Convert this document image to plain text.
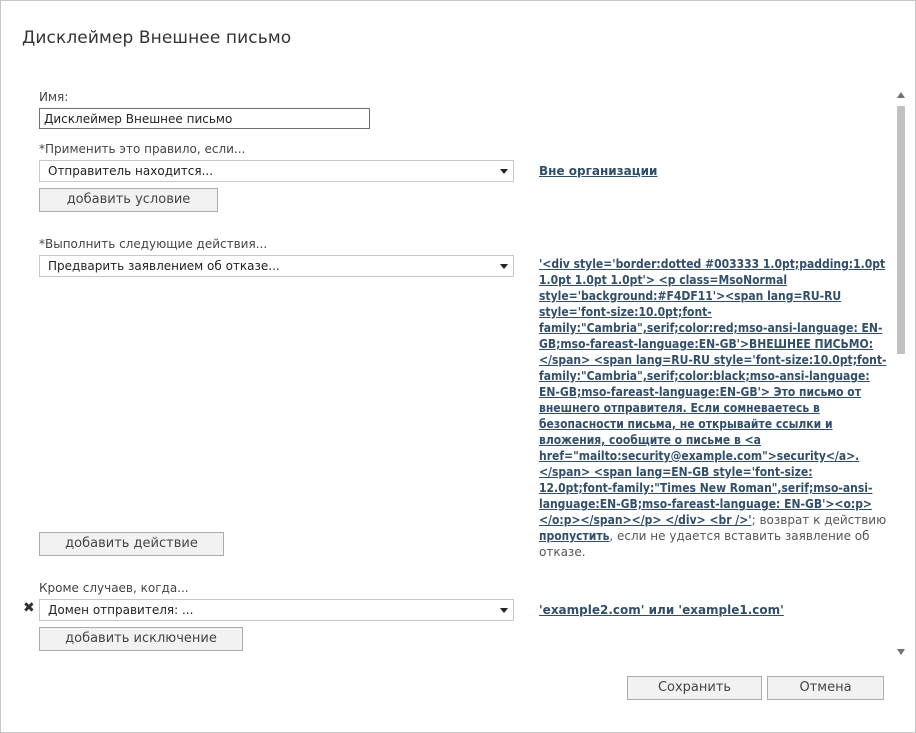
Дисклеймер Внешнее письмо
Имя:
Дисклеймер Внешнее письмо
*Применить это правило, если...
Отправитель находится...	Вне организации
добавить условие
*Выполнить следующие действия...
Предварить заявлением об отказе...	'<div style='border:dotted #003333 1.0pt;padding:1.0pt 1.0pt 1.0pt 1.0pt'> <p class=MsoNormal style='background:#F4DF11'><span lang=RU-RU style='font-size:10.0pt;font-family:"Cambria",serif;color:red;mso-ansi-language: EN-GB;mso-fareast-language:EN-GB'>ВНЕШНЕЕ ПИСЬМО:</span> <span lang=RU-RU style='font-size:10.0pt;font-family:"Cambria",serif;color:black;mso-ansi-language: EN-GB;mso-fareast-language:EN-GB'> Это письмо от внешнего отправителя. Если сомневаетесь в безопасности письма, не открывайте ссылки и вложения, сообщите о письме в <a href="mailto:security@example.com">security</a>.</span> <span lang=EN-GB style='font-size: 12.0pt;font-family:"Times New Roman",serif;mso-ansi-language:EN-GB;mso-fareast-language: EN-GB'><o:p></o:p></span></p> </div> <br />'; возврат к действию пропустить, если не удается вставить заявление об отказе.
добавить действие
Кроме случаев, когда...
✖	Домен отправителя: ...	'example2.com' или 'example1.com'
добавить исключение
Сохранить	Отмена
